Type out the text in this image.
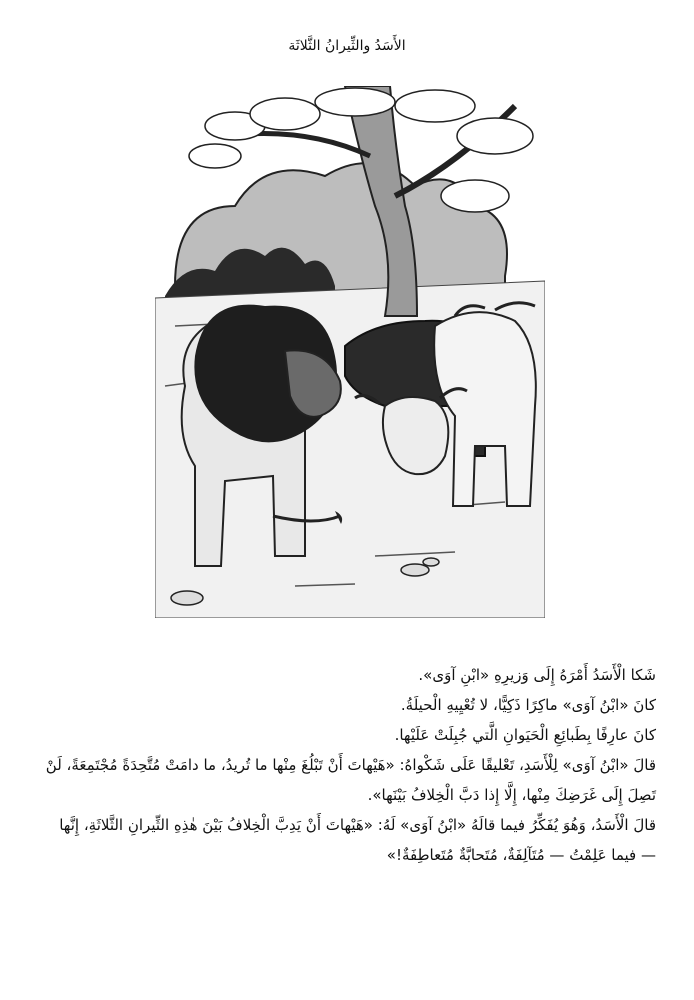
الأَسَدُ والثِّيرانُ الثَّلاثَة

شَكا الْأَسَدُ أَمْرَهُ إِلَى وَزيرِهِ «ابْنِ آوَى».

كانَ «ابْنُ آوَى» ماكِرًا ذَكِيًّا، لا تُعْيِيهِ الْحيلَةُ.

كانَ عارِفًا بِطَبائِعِ الْحَيَوانِ الَّتي جُبِلَتْ عَلَيْها.

قالَ «ابْنُ آوَى» لِلْأَسَدِ، تَعْليقًا عَلَى شَكْواهُ: «هَيْهاتَ أَنْ تَبْلُغَ مِنْها ما تُريدُ، ما دامَتْ مُتَّحِدَةً مُجْتَمِعَةً، لَنْ تَصِلَ إِلَى غَرَضِكَ مِنْها، إِلَّا إِذا دَبَّ الْخِلافُ بَيْنَها».

قالَ الْأَسَدُ، وَهُوَ يُفَكِّرُ فيما قالَهُ «ابْنُ آوَى» لَهُ: «هَيْهاتَ أَنْ يَدِبَّ الْخِلافُ بَيْنَ هٰذِهِ الثِّيرانِ الثَّلاثَةِ، إِنَّها — فيما عَلِمْتُ — مُتَآلِفَةٌ، مُتَحابَّةٌ مُتَعاطِفَةٌ!»
